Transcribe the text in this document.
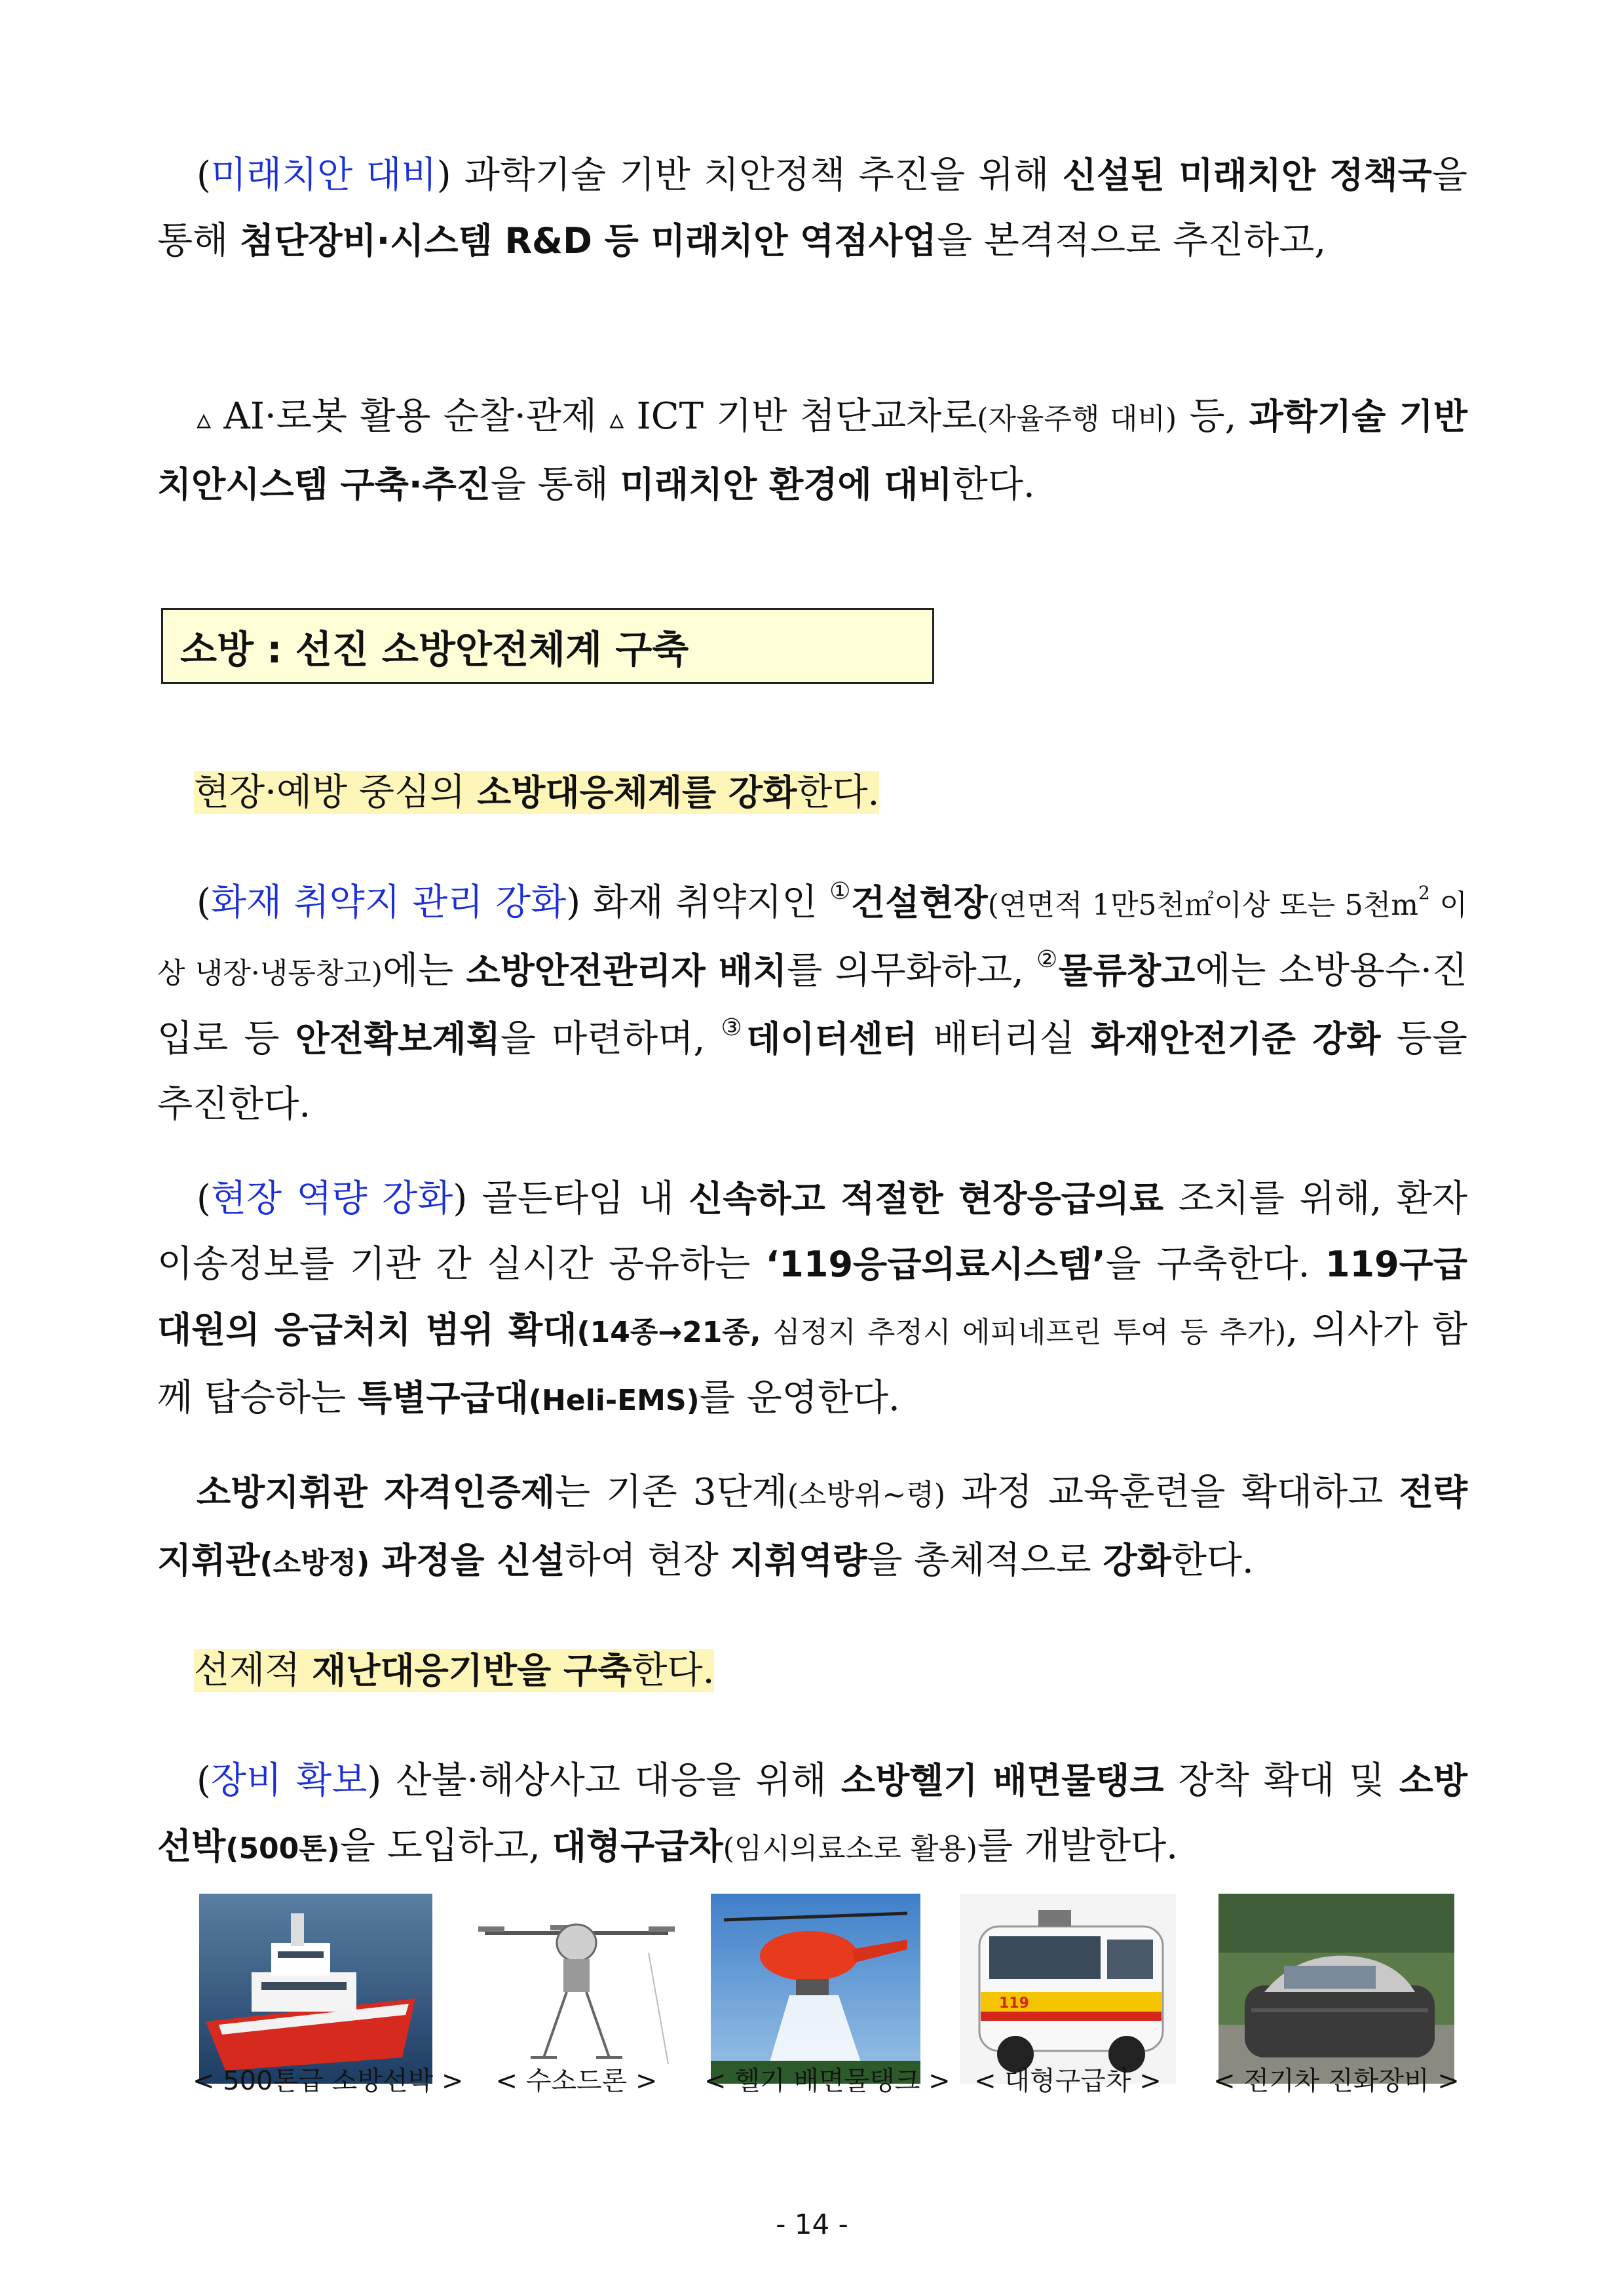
(미래치안 대비) 과학기술 기반 치안정책 추진을 위해 신설된 미래치안 정책국을 통해 첨단장비·시스템 R&D 등 미래치안 역점사업을 본격적으로 추진하고,

▵ AI·로봇 활용 순찰·관제 ▵ ICT 기반 첨단교차로(자율주행 대비) 등, 과학기술 기반 치안시스템 구축·추진을 통해 미래치안 환경에 대비한다.

소방 : 선진 소방안전체계 구축

현장·예방 중심의 소방대응체계를 강화한다.

(화재 취약지 관리 강화) 화재 취약지인 ①건설현장(연면적 1만5천㎡이상 또는 5천$m^2$ 이상 냉장·냉동창고)에는 소방안전관리자 배치를 의무화하고, ②물류창고에는 소방용수·진입로 등 안전확보계획을 마련하며, ③데이터센터 배터리실 화재안전기준 강화 등을 추진한다.

(현장 역량 강화) 골든타임 내 신속하고 적절한 현장응급의료 조치를 위해, 환자 이송정보를 기관 간 실시간 공유하는 ‘119응급의료시스템’을 구축한다. 119구급대원의 응급처치 범위 확대(14종→21종, 심정지 추정시 에피네프린 투여 등 추가), 의사가 함께 탑승하는 특별구급대(Heli-EMS)를 운영한다.

소방지휘관 자격인증제는 기존 3단계(소방위~령) 과정 교육훈련을 확대하고 전략지휘관(소방정) 과정을 신설하여 현장 지휘역량을 총체적으로 강화한다.

선제적 재난대응기반을 구축한다.

(장비 확보) 산불·해상사고 대응을 위해 소방헬기 배면물탱크 장착 확대 및 소방선박(500톤)을 도입하고, 대형구급차(임시의료소로 활용)를 개발한다.

119
< 500톤급 소방선박 >	< 수소드론 >	< 헬기 배면물탱크 > < 대형구급차 >	< 전기차 진화장비 >
- 14 -
